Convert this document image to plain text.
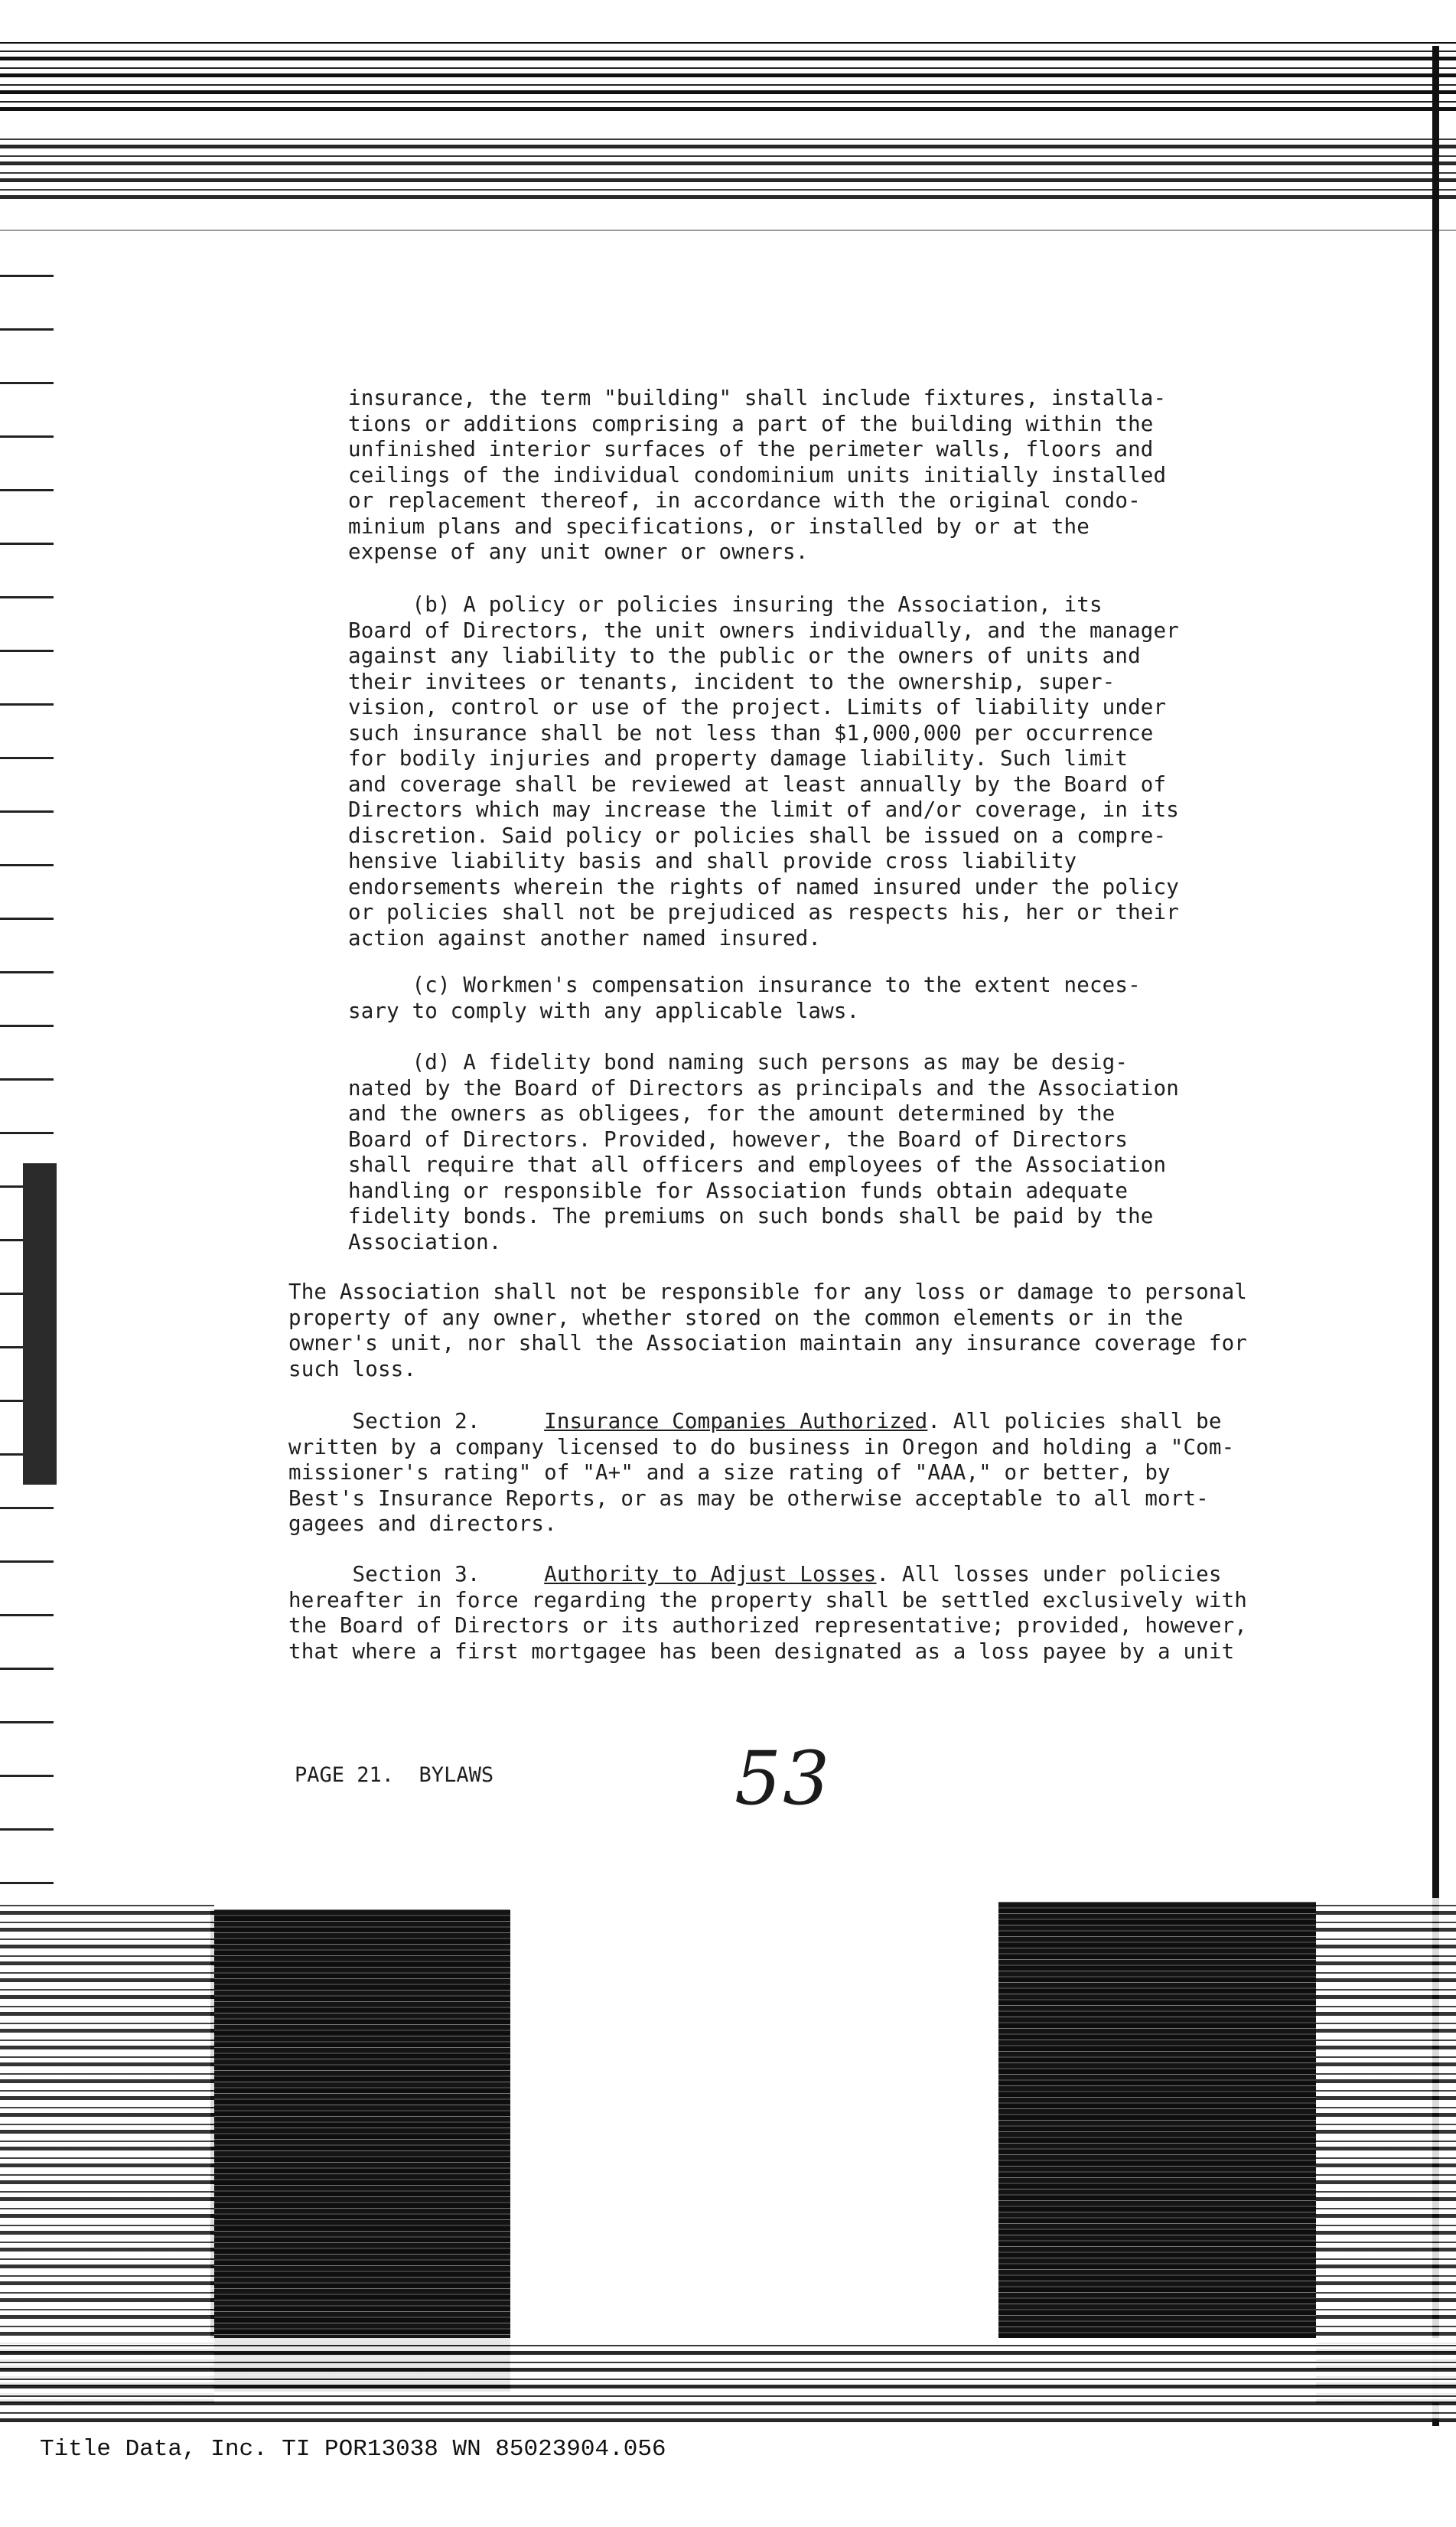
insurance, the term "building" shall include fixtures, installa-
tions or additions comprising a part of the building within the
unfinished interior surfaces of the perimeter walls, floors and
ceilings of the individual condominium units initially installed
or replacement thereof, in accordance with the original condo-
minium plans and specifications, or installed by or at the
expense of any unit owner or owners.

(b) A policy or policies insuring the Association, its
Board of Directors, the unit owners individually, and the manager
against any liability to the public or the owners of units and
their invitees or tenants, incident to the ownership, super-
vision, control or use of the project. Limits of liability under
such insurance shall be not less than $1,000,000 per occurrence
for bodily injuries and property damage liability. Such limit
and coverage shall be reviewed at least annually by the Board of
Directors which may increase the limit of and/or coverage, in its
discretion. Said policy or policies shall be issued on a compre-
hensive liability basis and shall provide cross liability
endorsements wherein the rights of named insured under the policy
or policies shall not be prejudiced as respects his, her or their
action against another named insured.

(c) Workmen's compensation insurance to the extent neces-
sary to comply with any applicable laws.

(d) A fidelity bond naming such persons as may be desig-
nated by the Board of Directors as principals and the Association
and the owners as obligees, for the amount determined by the
Board of Directors. Provided, however, the Board of Directors
shall require that all officers and employees of the Association
handling or responsible for Association funds obtain adequate
fidelity bonds. The premiums on such bonds shall be paid by the
Association.

The Association shall not be responsible for any loss or damage to personal
property of any owner, whether stored on the common elements or in the
owner's unit, nor shall the Association maintain any insurance coverage for
such loss.

Section 2.     Insurance Companies Authorized. All policies shall be
written by a company licensed to do business in Oregon and holding a "Com-
missioner's rating" of "A+" and a size rating of "AAA," or better, by
Best's Insurance Reports, or as may be otherwise acceptable to all mort-
gagees and directors.

Section 3.     Authority to Adjust Losses. All losses under policies
hereafter in force regarding the property shall be settled exclusively with
the Board of Directors or its authorized representative; provided, however,
that where a first mortgagee has been designated as a loss payee by a unit

PAGE 21.  BYLAWS	53
Title Data, Inc. TI POR13038 WN 85023904.056
